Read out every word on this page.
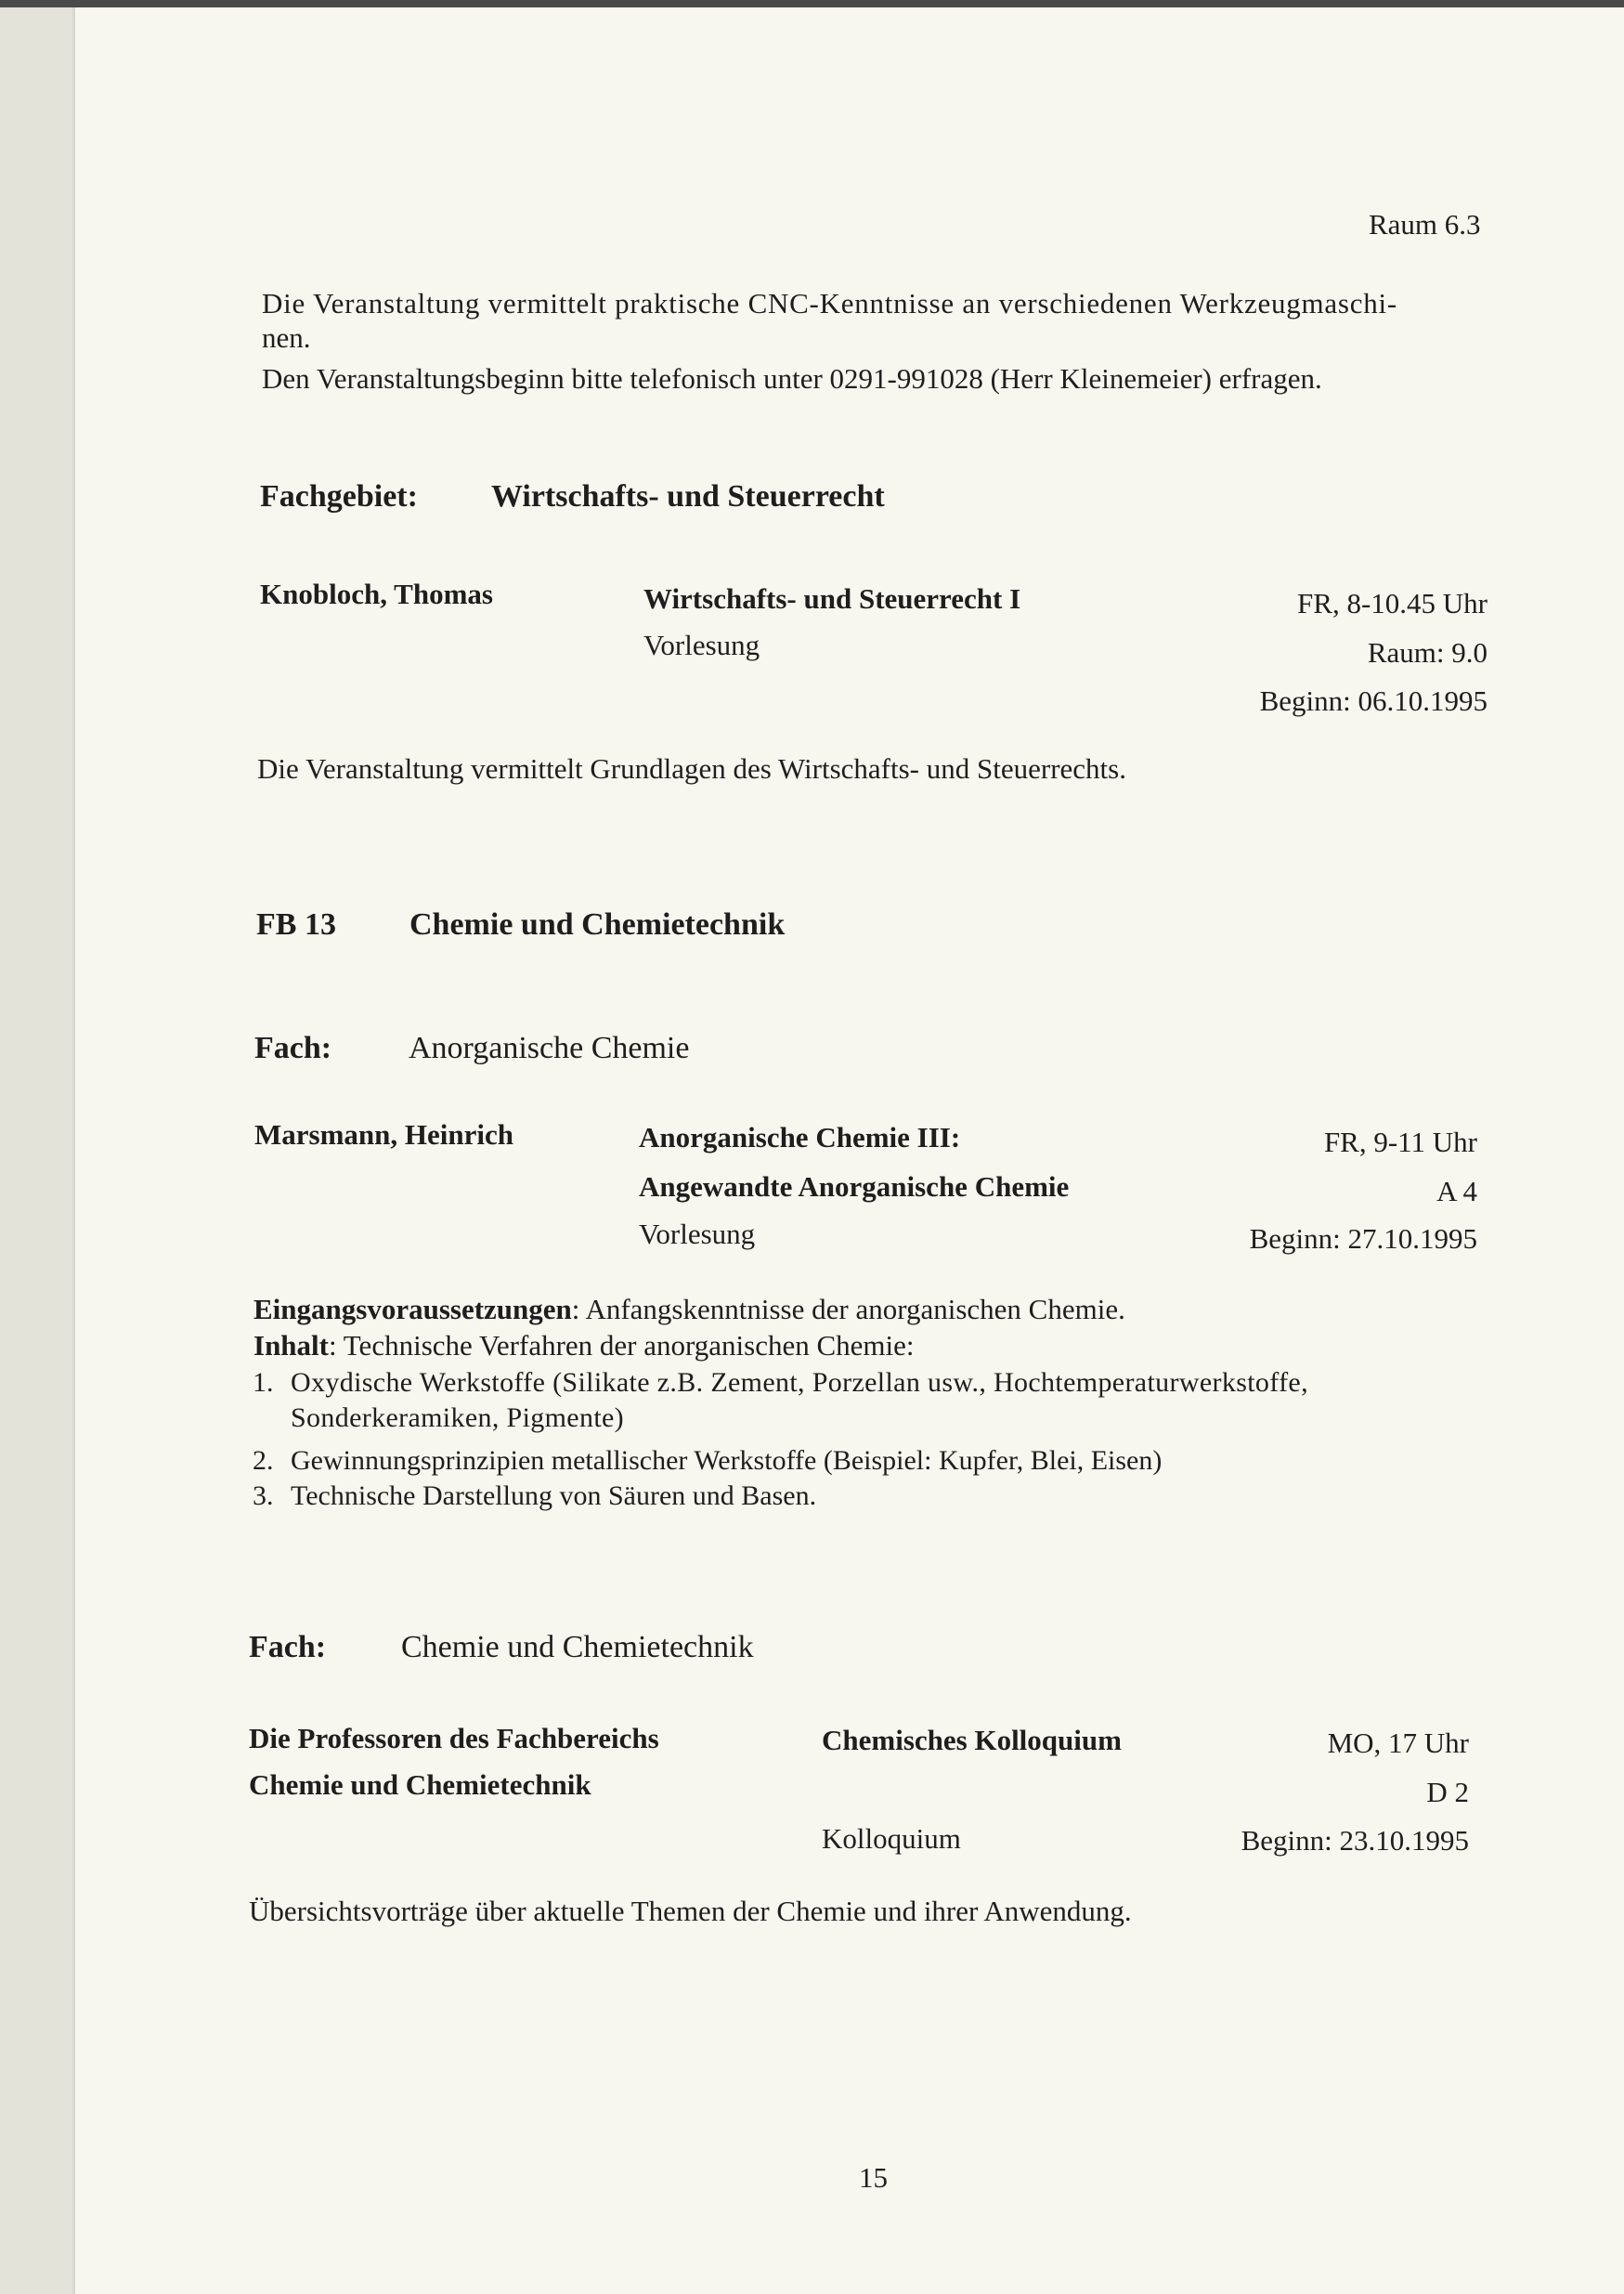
Raum 6.3
Die Veranstaltung vermittelt praktische CNC-Kenntnisse an verschiedenen Werkzeugmaschi-
nen.
Den Veranstaltungsbeginn bitte telefonisch unter 0291-991028 (Herr Kleinemeier) erfragen.
Fachgebiet: Wirtschafts- und Steuerrecht
Knobloch, Thomas	Wirtschafts- und Steuerrecht I
Vorlesung
FR, 8-10.45 Uhr
Raum: 9.0
Beginn: 06.10.1995
Die Veranstaltung vermittelt Grundlagen des Wirtschafts- und Steuerrechts.
FB 13 Chemie und Chemietechnik
Fach: Anorganische Chemie
Marsmann, Heinrich	Anorganische Chemie III:
Angewandte Anorganische Chemie
Vorlesung
FR, 9-11 Uhr
A 4
Beginn: 27.10.1995
Eingangsvoraussetzungen: Anfangskenntnisse der anorganischen Chemie.
Inhalt: Technische Verfahren der anorganischen Chemie:
1. Oxydische Werkstoffe (Silikate z.B. Zement, Porzellan usw., Hochtemperaturwerkstoffe, Sonderkeramiken, Pigmente)
2. Gewinnungsprinzipien metallischer Werkstoffe (Beispiel: Kupfer, Blei, Eisen)
3. Technische Darstellung von Säuren und Basen.
Fach: Chemie und Chemietechnik
Die Professoren des Fachbereichs
Chemie und Chemietechnik
Chemisches Kolloquium
Kolloquium
MO, 17 Uhr
D 2
Beginn: 23.10.1995
Übersichtsvorträge über aktuelle Themen der Chemie und ihrer Anwendung.
15
